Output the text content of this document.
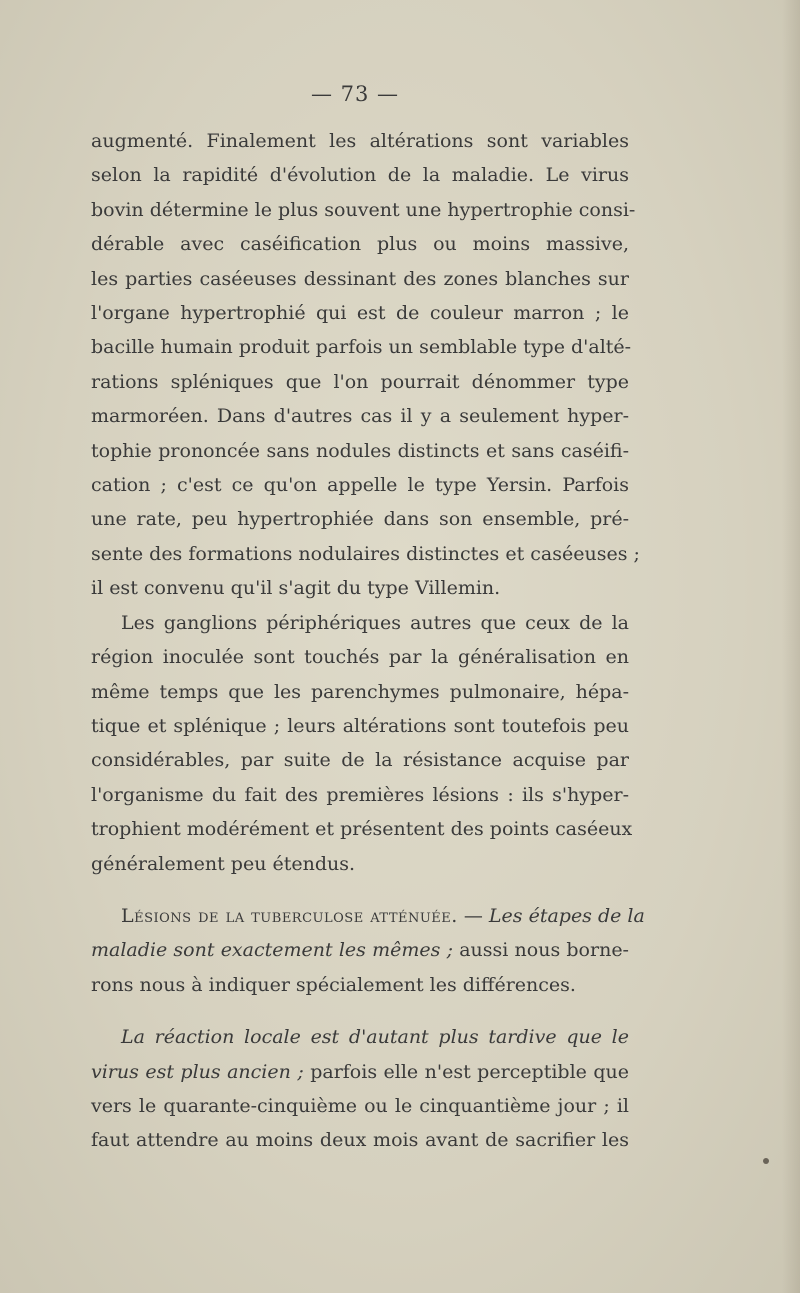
— 73 —
augmenté. Finalement les altérations sont variables
selon la rapidité d'évolution de la maladie. Le virus
bovin détermine le plus souvent une hypertrophie consi-
dérable avec caséification plus ou moins massive,
les parties caséeuses dessinant des zones blanches sur
l'organe hypertrophié qui est de couleur marron ; le
bacille humain produit parfois un semblable type d'alté-
rations spléniques que l'on pourrait dénommer type
marmoréen. Dans d'autres cas il y a seulement hyper-
tophie prononcée sans nodules distincts et sans caséifi-
cation ; c'est ce qu'on appelle le type Yersin. Parfois
une rate, peu hypertrophiée dans son ensemble, pré-
sente des formations nodulaires distinctes et caséeuses ;
il est convenu qu'il s'agit du type Villemin.
Les ganglions périphériques autres que ceux de la
région inoculée sont touchés par la généralisation en
même temps que les parenchymes pulmonaire, hépa-
tique et splénique ; leurs altérations sont toutefois peu
considérables, par suite de la résistance acquise par
l'organisme du fait des premières lésions : ils s'hyper-
trophient modérément et présentent des points caséeux
généralement peu étendus.
Lésions de la tuberculose atténuée. — Les étapes de la
maladie sont exactement les mêmes ; aussi nous borne-
rons nous à indiquer spécialement les différences.
La réaction locale est d'autant plus tardive que le
virus est plus ancien ; parfois elle n'est perceptible que
vers le quarante-cinquième ou le cinquantième jour ; il
faut attendre au moins deux mois avant de sacrifier les
